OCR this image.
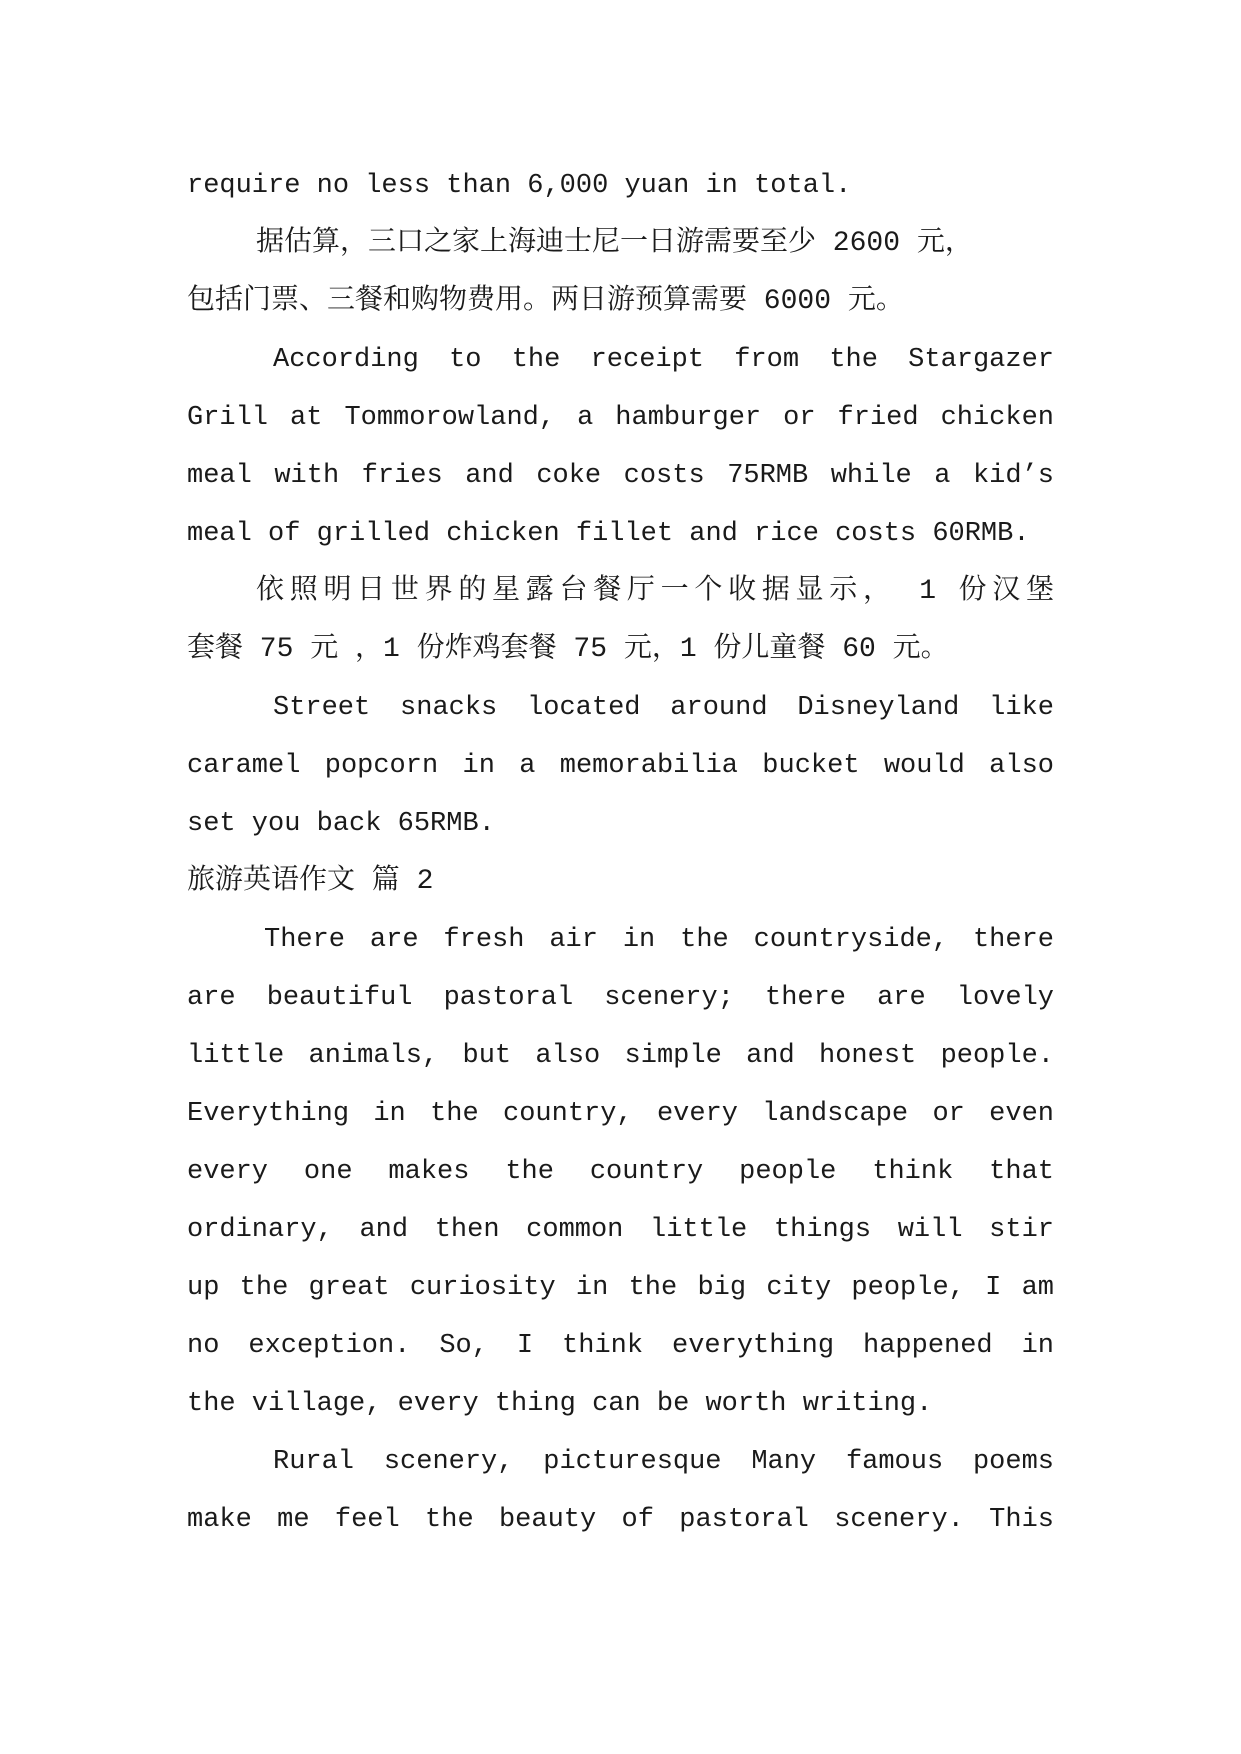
require no less than 6,000 yuan in total.
据估算，三口之家上海迪士尼一日游需要至少 2600 元，
包括门票、三餐和购物费用。两日游预算需要 6000 元。
According to the receipt from the Stargazer
Grill at Tommorowland, a hamburger or fried chicken
meal with fries and coke costs 75RMB while a kid’s
meal of grilled chicken fillet and rice costs 60RMB.
依照明日世界的星露台餐厅一个收据显示， 1 份汉堡
套餐 75 元 ，1 份炸鸡套餐 75 元，1 份儿童餐 60 元。
Street snacks located around Disneyland like
caramel popcorn in a memorabilia bucket would also
set you back 65RMB.
旅游英语作文 篇 2
There are fresh air in the countryside, there
are beautiful pastoral scenery; there are lovely
little animals, but also simple and honest people.
Everything in the country, every landscape or even
every one makes the country people think that
ordinary, and then common little things will stir
up the great curiosity in the big city people, I am
no exception. So, I think everything happened in
the village, every thing can be worth writing.
Rural scenery, picturesque Many famous poems
make me feel the beauty of pastoral scenery. This
